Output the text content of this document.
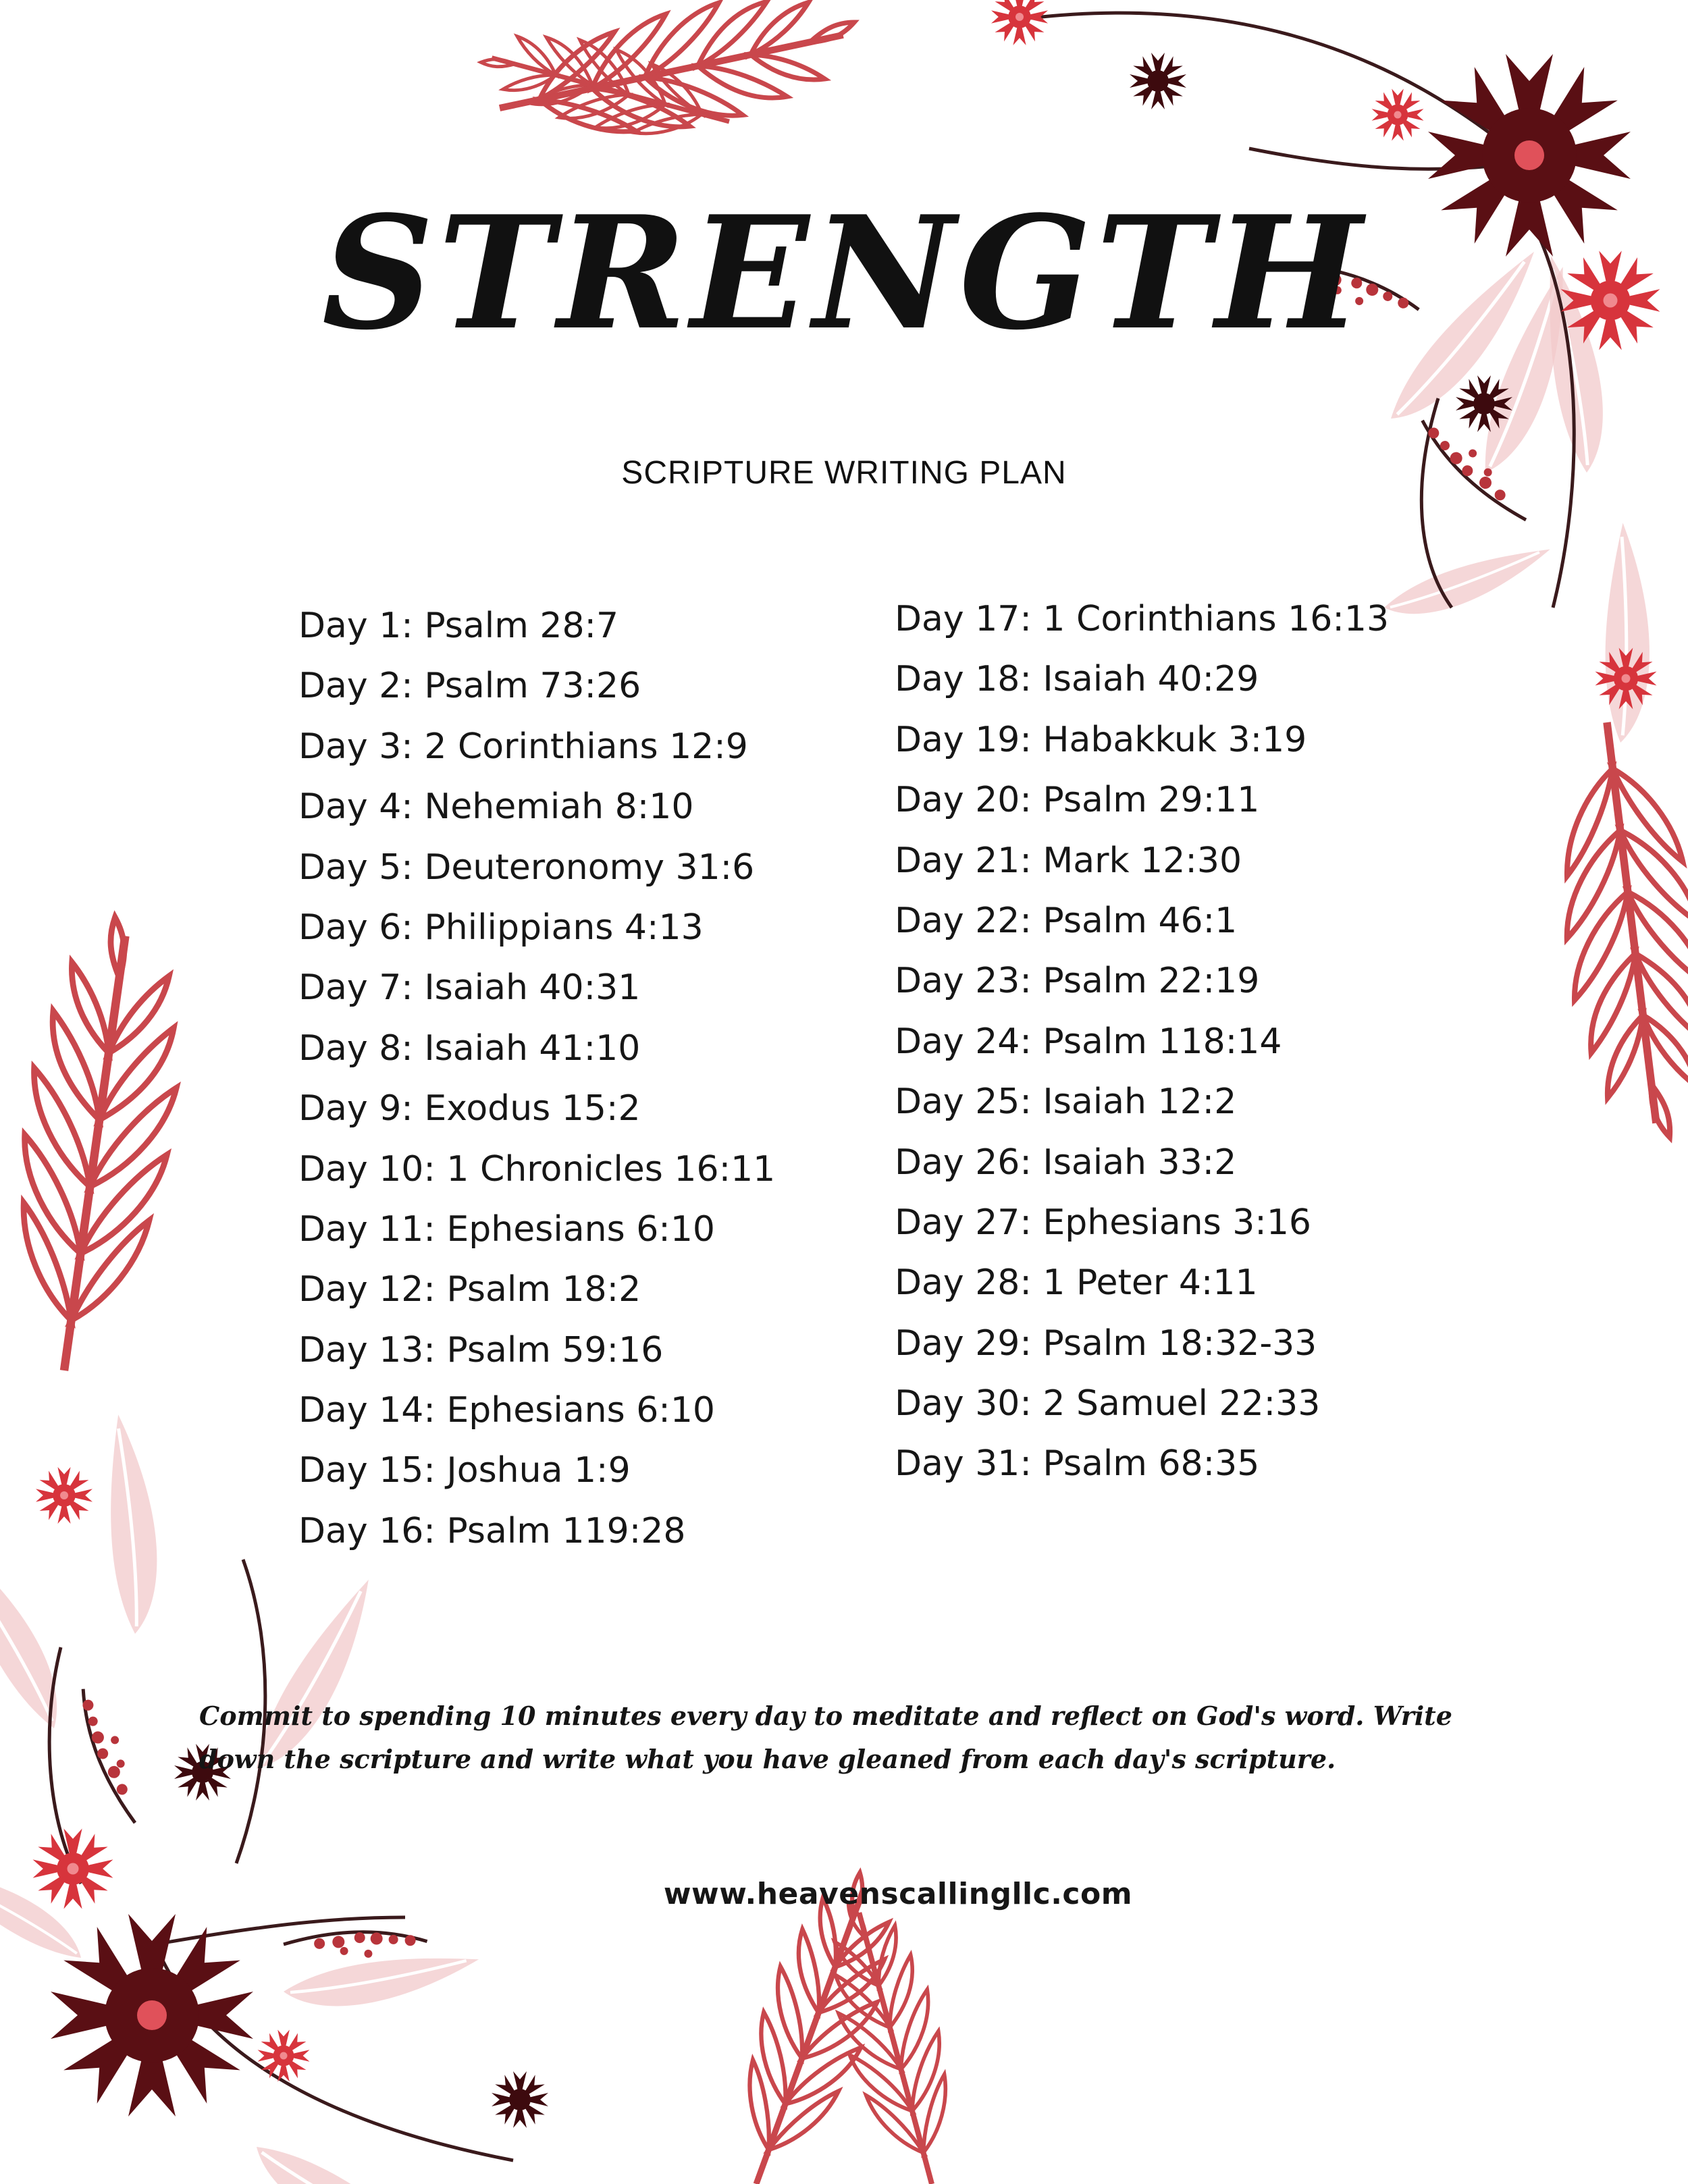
STRENGTH
SCRIPTURE WRITING PLAN
Day 1: Psalm 28:7
Day 2: Psalm 73:26
Day 3: 2 Corinthians 12:9
Day 4: Nehemiah 8:10
Day 5: Deuteronomy 31:6
Day 6: Philippians 4:13
Day 7: Isaiah 40:31
Day 8: Isaiah 41:10
Day 9: Exodus 15:2
Day 10: 1 Chronicles 16:11
Day 11: Ephesians 6:10
Day 12: Psalm 18:2
Day 13: Psalm 59:16
Day 14: Ephesians 6:10
Day 15: Joshua 1:9
Day 16: Psalm 119:28
Day 17: 1 Corinthians 16:13
Day 18: Isaiah 40:29
Day 19: Habakkuk 3:19
Day 20: Psalm 29:11
Day 21: Mark 12:30
Day 22: Psalm 46:1
Day 23: Psalm 22:19
Day 24: Psalm 118:14
Day 25: Isaiah 12:2
Day 26: Isaiah 33:2
Day 27: Ephesians 3:16
Day 28: 1 Peter 4:11
Day 29: Psalm 18:32-33
Day 30: 2 Samuel 22:33
Day 31: Psalm 68:35
Commit to spending 10 minutes every day to meditate and reflect on God's word. Write down the scripture and write what you have gleaned from each day's scripture.
www.heavenscallingllc.com
